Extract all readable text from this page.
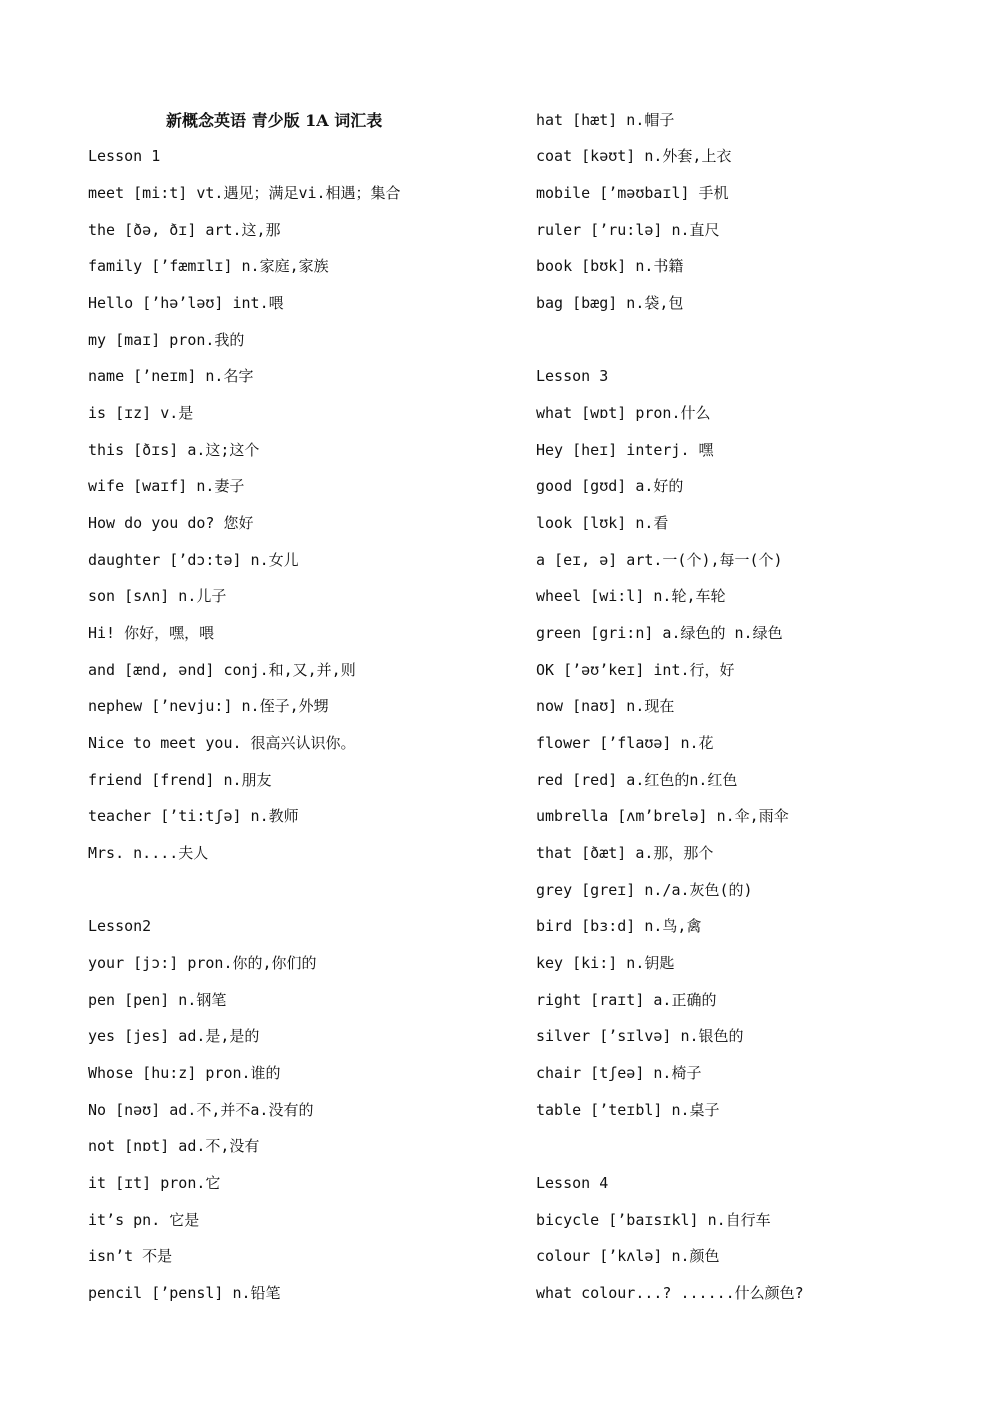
新概念英语 青少版 1A 词汇表
Lesson 1
meet [mi:t] vt.遇见；满足vi.相遇；集合
the [ðə, ðɪ] art.这,那
family [’fæmɪlɪ] n.家庭,家族
Hello [’hə’ləʊ] int.喂
my [maɪ] pron.我的
name [’neɪm] n.名字
is [ɪz] v.是
this [ðɪs] a.这;这个
wife [waɪf] n.妻子
How do you do? 您好
daughter [’dɔ:tə] n.女儿
son [sʌn] n.儿子
Hi! 你好，嘿，喂
and [ænd, ənd] conj.和,又,并,则
nephew [’nevju:] n.侄子,外甥
Nice to meet you. 很高兴认识你。
friend [frend] n.朋友
teacher [’ti:tʃə] n.教师
Mrs. n....夫人
Lesson2
your [jɔ:] pron.你的,你们的
pen [pen] n.钢笔
yes [jes] ad.是,是的
Whose [hu:z] pron.谁的
No [nəʊ] ad.不,并不a.没有的
not [nɒt] ad.不,没有
it [ɪt] pron.它
it’s pn. 它是
isn’t 不是
pencil [’pensl] n.铅笔
hat [hæt] n.帽子
coat [kəʊt] n.外套,上衣
mobile [’məʊbaɪl] 手机
ruler [’ru:lə] n.直尺
book [bʊk] n.书籍
bag [bæg] n.袋,包
Lesson 3
what [wɒt] pron.什么
Hey [heɪ] interj. 嘿
good [gʊd] a.好的
look [lʊk] n.看
a [eɪ, ə] art.一(个),每一(个)
wheel [wi:l] n.轮,车轮
green [gri:n] a.绿色的 n.绿色
OK [’əʊ’keɪ] int.行，好
now [naʊ] n.现在
flower [’flaʊə] n.花
red [red] a.红色的n.红色
umbrella [ʌm’brelə] n.伞,雨伞
that [ðæt] a.那，那个
grey [greɪ] n./a.灰色(的)
bird [bɜ:d] n.鸟,禽
key [ki:] n.钥匙
right [raɪt] a.正确的
silver [’sɪlvə] n.银色的
chair [tʃeə] n.椅子
table [’teɪbl] n.桌子
Lesson 4
bicycle [’baɪsɪkl] n.自行车
colour [’kʌlə] n.颜色
what colour...? ......什么颜色?
